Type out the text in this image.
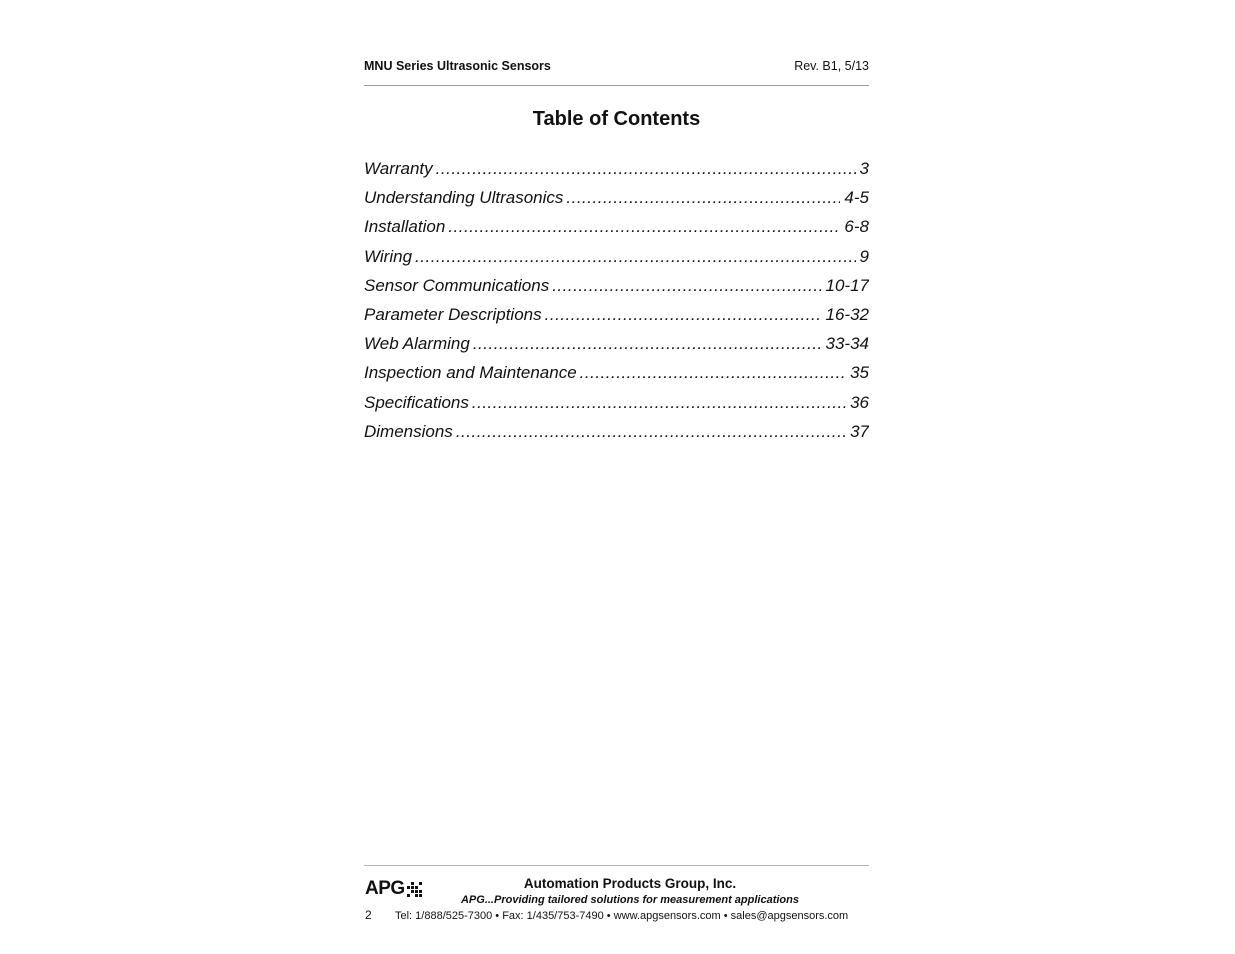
MNU Series Ultrasonic Sensors	Rev. B1, 5/13
Table of Contents
Warranty .....	3
Understanding Ultrasonics .....	4-5
Installation .....	6-8
Wiring .....	9
Sensor Communications .....	10-17
Parameter Descriptions .....	16-32
Web Alarming .....	33-34
Inspection and Maintenance .....	35
Specifications .....	36
Dimensions .....	37
APG	Automation Products Group, Inc.
APG...Providing tailored solutions for measurement applications
2 Tel: 1/888/525-7300 • Fax: 1/435/753-7490 • www.apgsensors.com • sales@apgsensors.com
